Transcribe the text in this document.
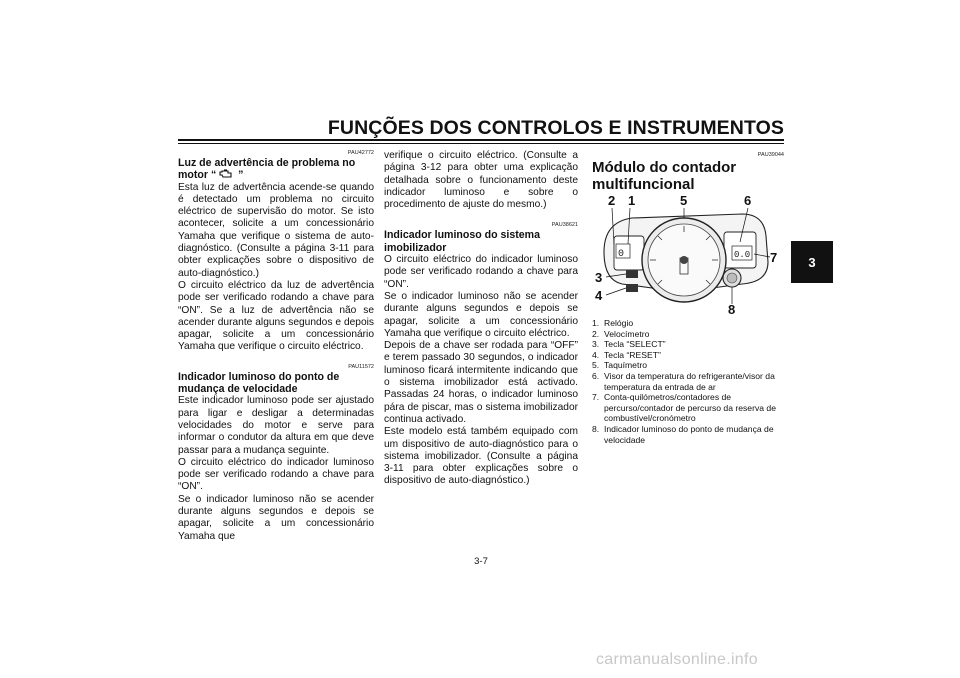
FUNÇÕES DOS CONTROLOS E INSTRUMENTOS
3
PAU42772
Luz de advertência de problema no
motor “ ”

Esta luz de advertência acende-se quando é detectado um problema no circuito eléctrico de supervisão do motor. Se isto acontecer, solicite a um concessionário Yamaha que verifique o sistema de auto-diagnóstico. (Consulte a página 3-11 para obter explicações sobre o dispositivo de auto-diagnóstico.)

O circuito eléctrico da luz de advertência pode ser verificado rodando a chave para “ON”. Se a luz de advertência não se acender durante alguns segundos e depois apagar, solicite a um concessionário Yamaha que verifique o circuito eléctrico.

PAU11572
Indicador luminoso do ponto de mudança de velocidade

Este indicador luminoso pode ser ajustado para ligar e desligar a determinadas velocidades do motor e serve para informar o condutor da altura em que deve passar para a mudança seguinte.

O circuito eléctrico do indicador luminoso pode ser verificado rodando a chave para “ON”.

Se o indicador luminoso não se acender durante alguns segundos e depois se apagar, solicite a um concessionário Yamaha que

verifique o circuito eléctrico. (Consulte a página 3-12 para obter uma explicação detalhada sobre o funcionamento deste indicador luminoso e sobre o procedimento de ajuste do mesmo.)

PAU38621
Indicador luminoso do sistema imobilizador

O circuito eléctrico do indicador luminoso pode ser verificado rodando a chave para “ON”.

Se o indicador luminoso não se acender durante alguns segundos e depois se apagar, solicite a um concessionário Yamaha que verifique o circuito eléctrico.

Depois de a chave ser rodada para “OFF” e terem passado 30 segundos, o indicador luminoso ficará intermitente indicando que o sistema imobilizador está activado. Passadas 24 horas, o indicador luminoso pára de piscar, mas o sistema imobilizador continua activado.

Este modelo está também equipado com um dispositivo de auto-diagnóstico para o sistema imobilizador. (Consulte a página 3-11 para obter explicações sobre o dispositivo de auto-diagnóstico.)

PAU39044
Módulo do contador multifuncional
0	0.0
2 1	5	6
7
3
4
8
1. Relógio
2. Velocímetro
3. Tecla “SELECT”
4. Tecla “RESET”
5. Taquímetro
6. Visor da temperatura do refrigerante/visor da temperatura da entrada de ar
7. Conta-quilómetros/contadores de percurso/contador de percurso da reserva de combustível/cronómetro
8. Indicador luminoso do ponto de mudança de velocidade
3-7
carmanualsonline.info
